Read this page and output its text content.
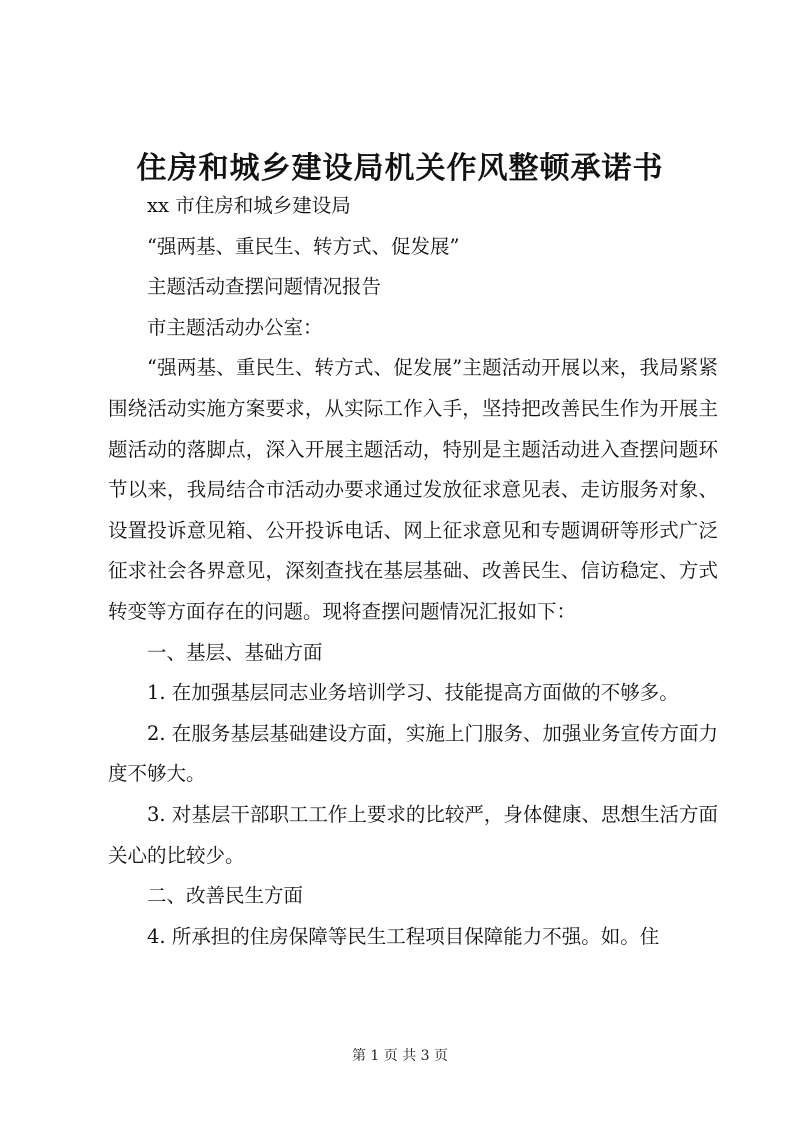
住房和城乡建设局机关作风整顿承诺书

xx 市住房和城乡建设局

“强两基、重民生、转方式、促发展”

主题活动查摆问题情况报告

市主题活动办公室：

“强两基、重民生、转方式、促发展”主题活动开展以来，我局紧紧围绕活动实施方案要求，从实际工作入手，坚持把改善民生作为开展主题活动的落脚点，深入开展主题活动，特别是主题活动进入查摆问题环节以来，我局结合市活动办要求通过发放征求意见表、走访服务对象、设置投诉意见箱、公开投诉电话、网上征求意见和专题调研等形式广泛征求社会各界意见，深刻查找在基层基础、改善民生、信访稳定、方式转变等方面存在的问题。现将查摆问题情况汇报如下：

一、基层、基础方面

1. 在加强基层同志业务培训学习、技能提高方面做的不够多。

2. 在服务基层基础建设方面，实施上门服务、加强业务宣传方面力度不够大。

3. 对基层干部职工工作上要求的比较严，身体健康、思想生活方面关心的比较少。

二、改善民生方面

4. 所承担的住房保障等民生工程项目保障能力不强。如。住

第 1 页 共 3 页
